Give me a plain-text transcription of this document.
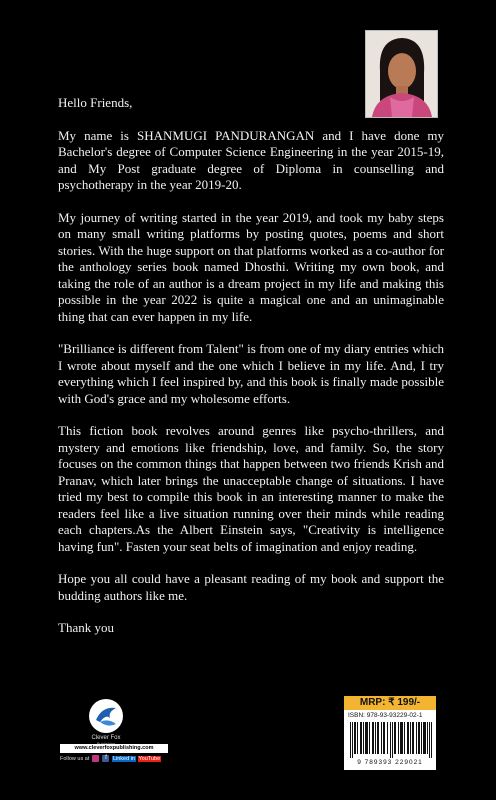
Hello Friends,

My name is SHANMUGI PANDURANGAN and I have done my Bachelor's degree of Computer Science Engineering in the year 2015-19, and My Post graduate degree of Diploma in counselling and psychotherapy in the year 2019-20.

My journey of writing started in the year 2019, and took my baby steps on many small writing platforms by posting quotes, poems and short stories. With the huge support on that platforms worked as a co-author for the anthology series book named Dhosthi. Writing my own book, and taking the role of an author is a dream project in my life and making this possible in the year 2022 is quite a magical one and an unimaginable thing that can ever happen in my life.

"Brilliance is different from Talent" is from one of my diary entries which I wrote about myself and the one which I believe in my life. And, I try everything which I feel inspired by, and this book is finally made possible with God's grace and my wholesome efforts.

This fiction book revolves around genres like psycho-thrillers, and mystery and emotions like friendship, love, and family. So, the story focuses on the common things that happen between two friends Krish and Pranav, which later brings the unacceptable change of situations. I have tried my best to compile this book in an interesting manner to make the readers feel like a live situation running over their minds while reading each chapters.As the Albert Einstein says, "Creativity is intelligence having fun". Fasten your seat belts of imagination and enjoy reading.

Hope you all could have a pleasant reading of my book and support the budding authors like me.

Thank you

Clever Fox
www.cleverfoxpublishing.com
Follow us at	f Linked in YouTube
MRP: ₹ 199/-
ISBN: 978-93-93229-02-1
9 789393 229021
